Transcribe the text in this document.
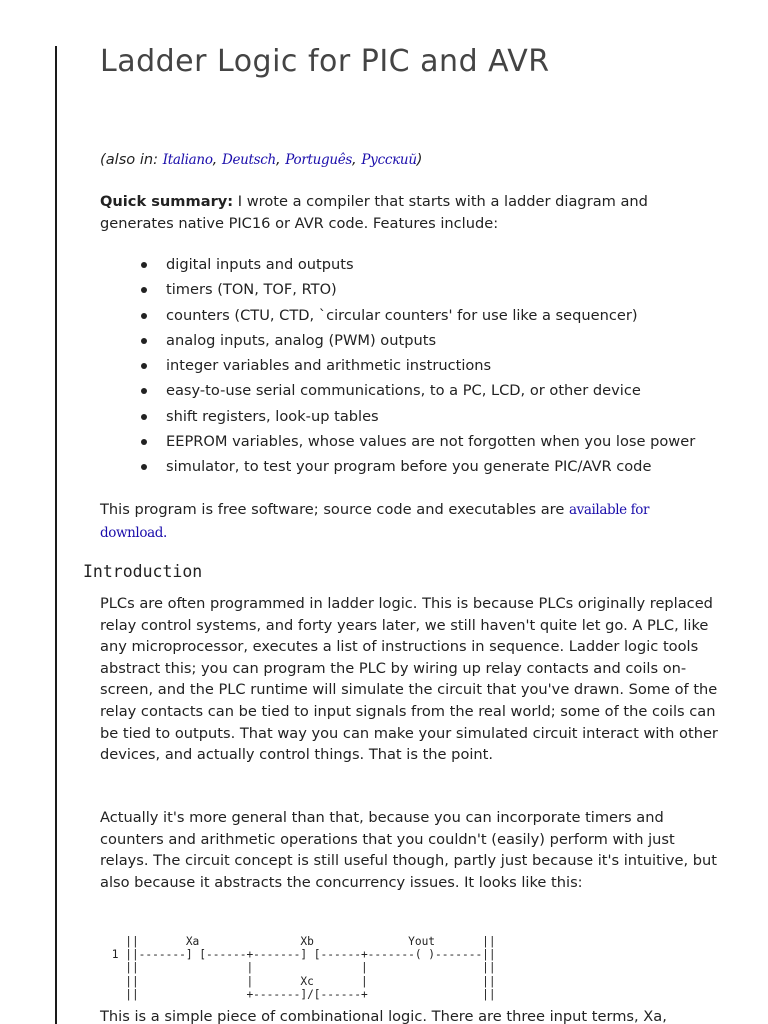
Ladder Logic for PIC and AVR
(also in: Italiano, Deutsch, Português, Русский)

Quick summary: I wrote a compiler that starts with a ladder diagram and generates native PIC16 or AVR code. Features include:

digital inputs and outputs
timers (TON, TOF, RTO)
counters (CTU, CTD, `circular counters' for use like a sequencer)
analog inputs, analog (PWM) outputs
integer variables and arithmetic instructions
easy-to-use serial communications, to a PC, LCD, or other device
shift registers, look-up tables
EEPROM variables, whose values are not forgotten when you lose power
simulator, to test your program before you generate PIC/AVR code

This program is free software; source code and executables are available for download.

Introduction

PLCs are often programmed in ladder logic. This is because PLCs originally replaced relay control systems, and forty years later, we still haven't quite let go. A PLC, like any microprocessor, executes a list of instructions in sequence. Ladder logic tools abstract this; you can program the PLC by wiring up relay contacts and coils on-screen, and the PLC runtime will simulate the circuit that you've drawn. Some of the relay contacts can be tied to input signals from the real world; some of the coils can be tied to outputs. That way you can make your simulated circuit interact with other devices, and actually control things. That is the point.

Actually it's more general than that, because you can incorporate timers and counters and arithmetic operations that you couldn't (easily) perform with just relays. The circuit concept is still useful though, partly just because it's intuitive, but also because it abstracts the concurrency issues. It looks like this:

||       Xa               Xb              Yout       ||
1 ||-------] [------+-------] [------+-------( )-------||
||                |                |                 ||
||                |       Xc       |                 ||
||                +-------]/[------+                 ||

This is a simple piece of combinational logic. There are three input terms, Xa,
